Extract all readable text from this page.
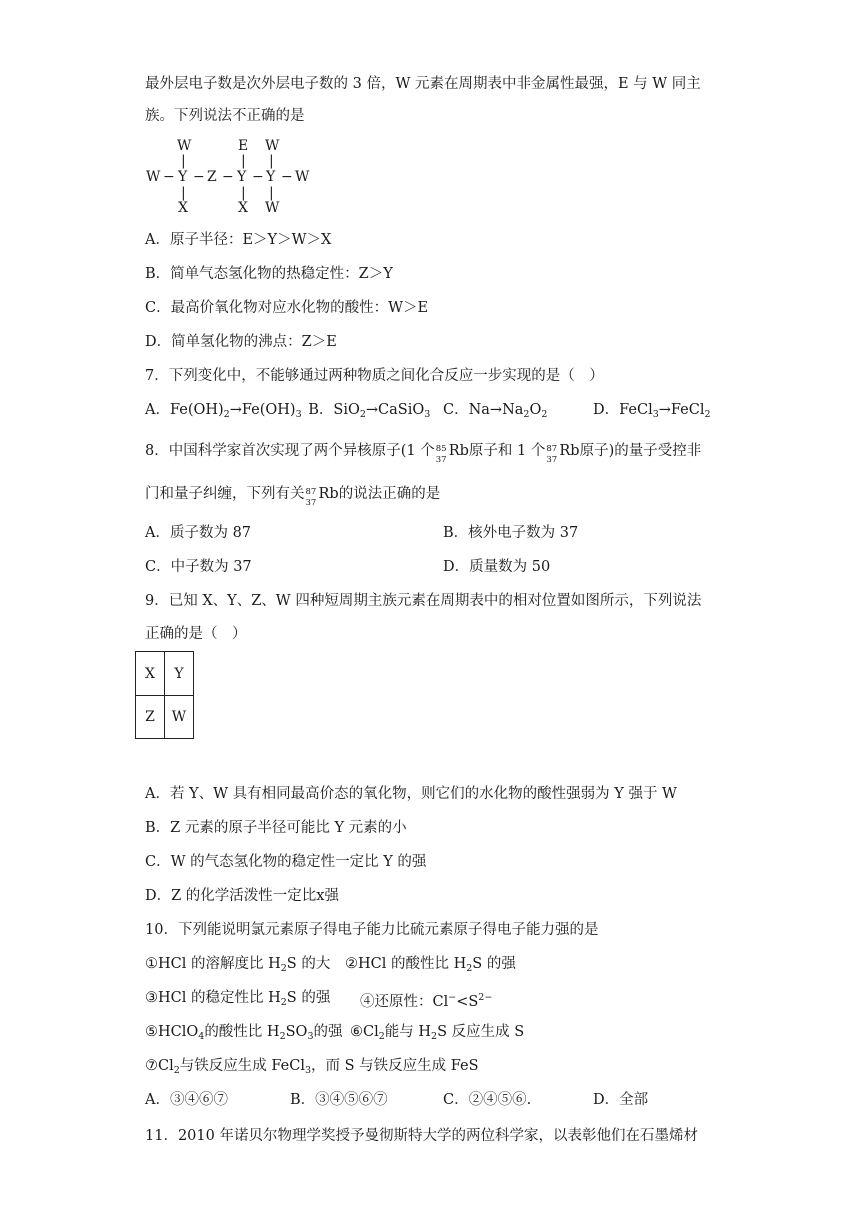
最外层电子数是次外层电子数的 3 倍，W 元素在周期表中非金属性最强，E 与 W 同主
族。下列说法不正确的是
W	E W
|	| |
W − Y − Z − Y − Y − W
|	| |
X	X W
A．原子半径：E＞Y＞W＞X
B．简单气态氢化物的热稳定性：Z＞Y
C．最高价氧化物对应水化物的酸性：W＞E
D．简单氢化物的沸点：Z＞E
7．下列变化中，不能够通过两种物质之间化合反应一步实现的是（　）
A．$Fe(OH)_2\to Fe(OH)_3$ B．SiO$_2$→CaSiO$_3$ C．$Na\to Na_2O_2$	D．FeCl$_3$→FeCl$_2$
8．中国科学家首次实现了两个异核原子(1 个 85
37
Rb原子和 1 个 87
37
Rb原子)的量子受控非
门和量子纠缠，下列有关 87
37
Rb的说法正确的是
A．质子数为 87	B．核外电子数为 37
C．中子数为 37	D．质量数为 50
9．已知 X、Y、Z、W 四种短周期主族元素在周期表中的相对位置如图所示，下列说法
正确的是（　）
X	Y
Z	W
A．若 Y、W 具有相同最高价态的氧化物，则它们的水化物的酸性强弱为 Y 强于 W
B．Z 元素的原子半径可能比 Y 元素的小
C．W 的气态氢化物的稳定性一定比 Y 的强
D．Z 的化学活泼性一定比x强
10．下列能说明氯元素原子得电子能力比硫元素原子得电子能力强的是
①HCl 的溶解度比 $H_2S$ 的大 ②HCl 的酸性比 $H_2S$ 的强
③HCl 的稳定性比 $H_2S$ 的强 ④还原性：$Cl^-<S^{2-}$
⑤HClO$_4$的酸性比 $H_2SO_3$的强 $⑥Cl_2$能与 $H_2S$ 反应生成 S
$⑦Cl_2$与铁反应生成 FeCl$_3$，而 S 与铁反应生成 FeS
A．③④⑥⑦	B．③④⑤⑥⑦	C．②④⑤⑥.	D．全部
11．2010 年诺贝尔物理学奖授予曼彻斯特大学的两位科学家，以表彰他们在石墨烯材
